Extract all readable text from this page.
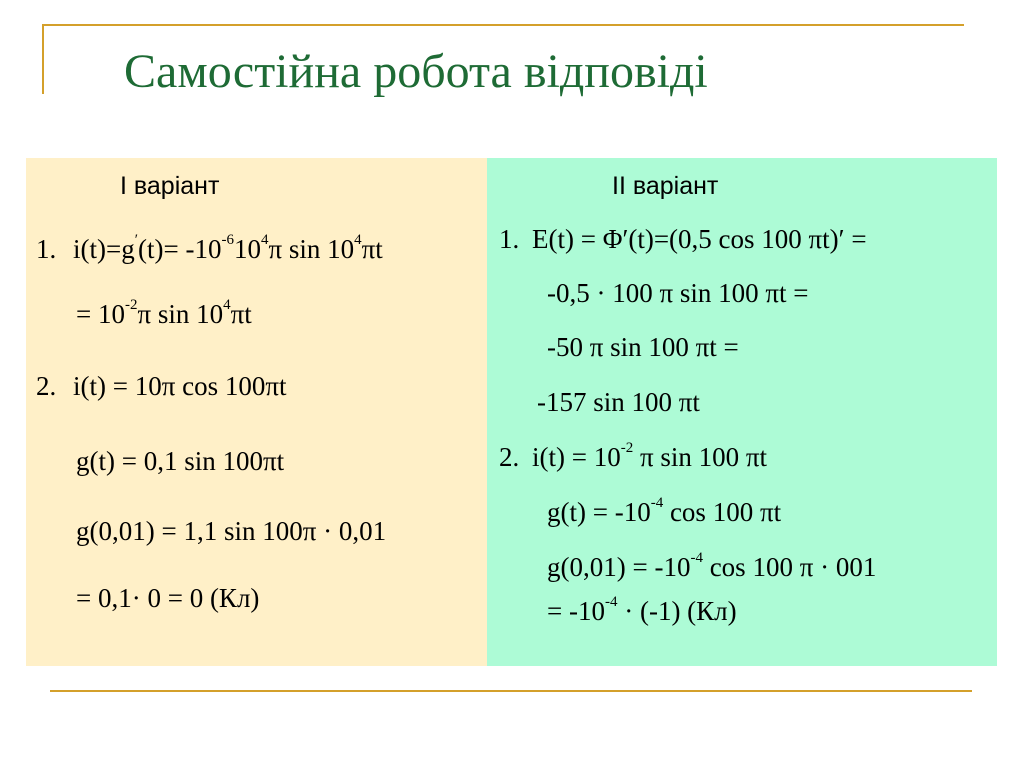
Самостійна робота відповіді
I варіант
1. $i(t)=g'(t)= -10^{-6}10^4\pi$ $\sin 10^4\pi t$
= $10^{-2}\pi$ $\sin 10^4\pi t$
2. i(t) = 10π cos 100πt
g(t) = 0,1 sin 100πt
g(0,01) = 1,1 sin 100π · 0,01
= 0,1· 0 = 0 (Кл)
II варіант
1. E(t) = Φ′(t)=(0,5 cos 100 πt)′ =
-0,5 · 100 π sin 100 πt =
-50 π sin 100 πt =
-157 sin 100 πt
2. $i(t) = 10^{-2}$ π sin 100 πt
$g(t) = -10^{-4}$ cos 100 πt
$g(0,01) = -10^{-4}$ cos 100 π · 001
= $-10^{-4} \cdot (-1)$ (Кл)
